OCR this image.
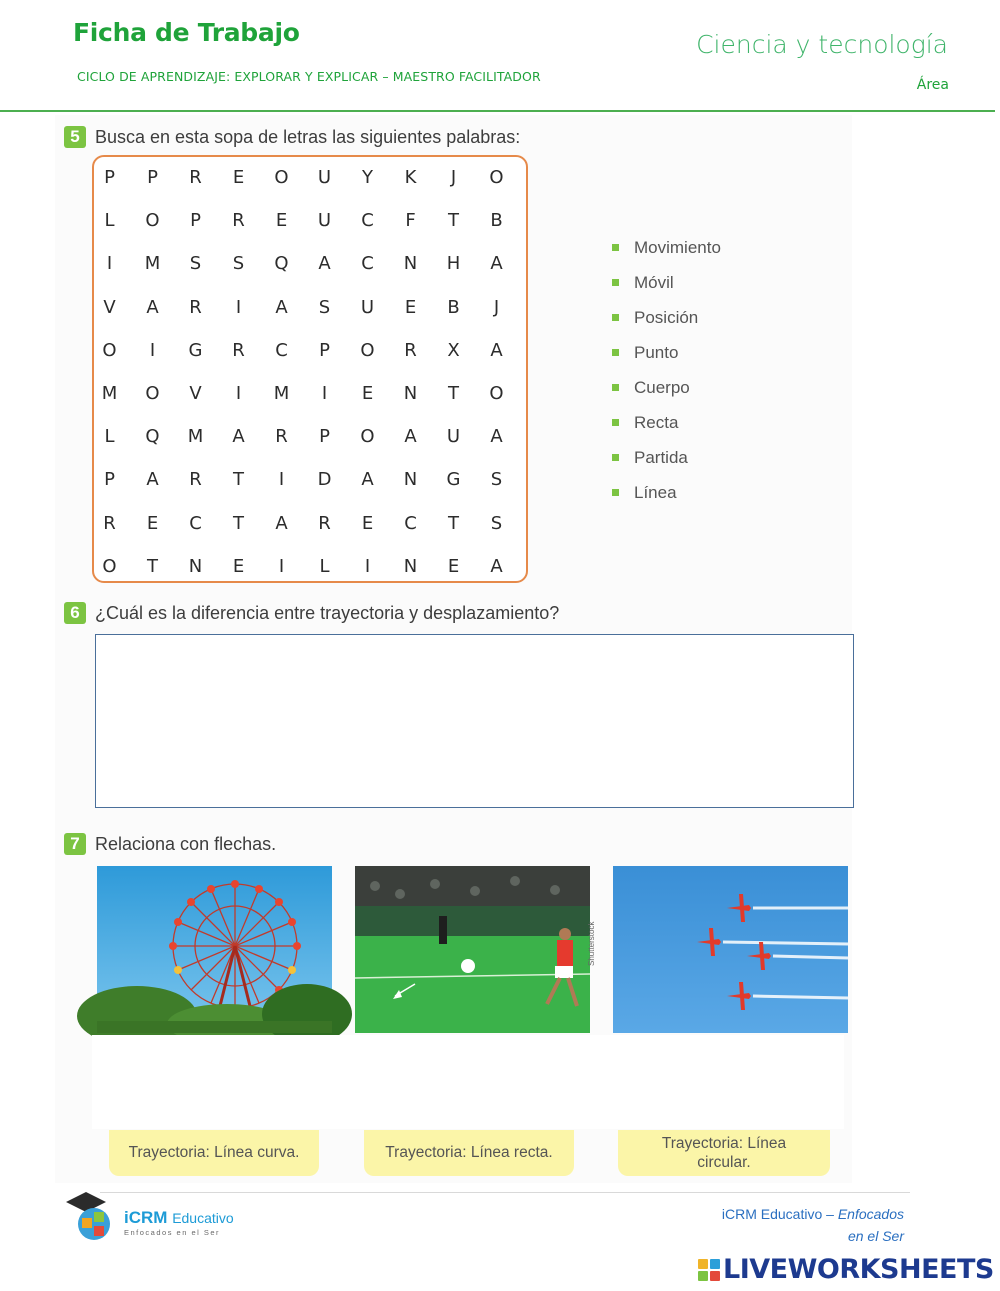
Ficha de Trabajo
CICLO DE APRENDIZAJE: EXPLORAR Y EXPLICAR – MAESTRO FACILITADOR
Ciencia y tecnología
Área
5 Busca en esta sopa de letras las siguientes palabras:
P	P	R	E	O	U	Y	K	J	O
L	O	P	R	E	U	C	F	T	B
I	M	S	S	Q	A	C	N	H	A
V	A	R	I	A	S	U	E	B	J
O	I	G	R	C	P	O	R	X	A
M	O	V	I	M	I	E	N	T	O
L	Q	M	A	R	P	O	A	U	A
P	A	R	T	I	D	A	N	G	S
R	E	C	T	A	R	E	C	T	S
O	T	N	E	I	L	I	N	E	A
Movimiento
Móvil
Posición
Punto
Cuerpo
Recta
Partida
Línea
6 ¿Cuál es la diferencia entre trayectoria y desplazamiento?
7 Relaciona con flechas.
Shutterstock
Trayectoria: Línea curva.	Trayectoria: Línea recta.
Trayectoria: Línea circular.
iCRM Educativo
Enfocados en el Ser
iCRM Educativo – Enfocados
en el Ser
LIVEWORKSHEETS
